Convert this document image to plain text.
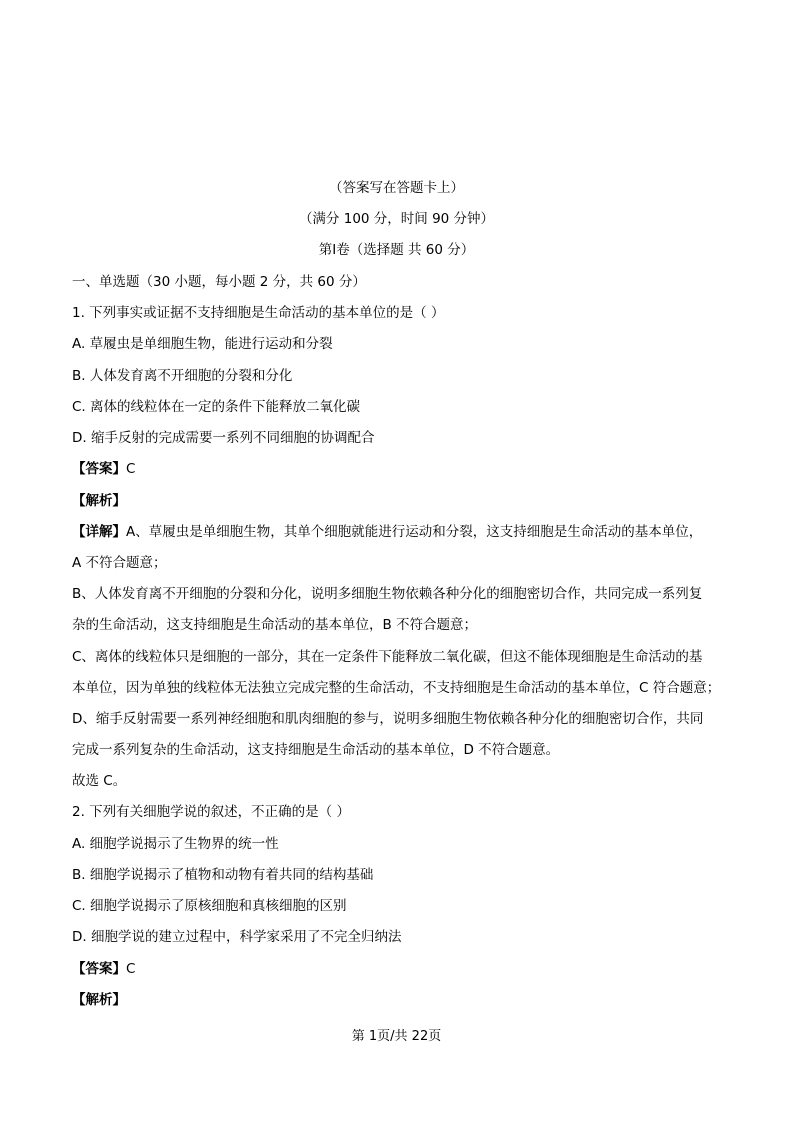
（答案写在答题卡上）
（满分 100 分，时间 90 分钟）
第Ⅰ卷（选择题 共 60 分）
一、单选题（30 小题，每小题 2 分，共 60 分）
1. 下列事实或证据不支持细胞是生命活动的基本单位的是（ ）
A. 草履虫是单细胞生物，能进行运动和分裂
B. 人体发育离不开细胞的分裂和分化
C. 离体的线粒体在一定的条件下能释放二氧化碳
D. 缩手反射的完成需要一系列不同细胞的协调配合
【答案】C
【解析】
【详解】A、草履虫是单细胞生物，其单个细胞就能进行运动和分裂，这支持细胞是生命活动的基本单位，
A 不符合题意；
B、人体发育离不开细胞的分裂和分化，说明多细胞生物依赖各种分化的细胞密切合作，共同完成一系列复
杂的生命活动，这支持细胞是生命活动的基本单位，B 不符合题意；
C、离体的线粒体只是细胞的一部分，其在一定条件下能释放二氧化碳，但这不能体现细胞是生命活动的基
本单位，因为单独的线粒体无法独立完成完整的生命活动，不支持细胞是生命活动的基本单位，C 符合题意；
D、缩手反射需要一系列神经细胞和肌肉细胞的参与，说明多细胞生物依赖各种分化的细胞密切合作，共同
完成一系列复杂的生命活动，这支持细胞是生命活动的基本单位，D 不符合题意。
故选 C。
2. 下列有关细胞学说的叙述，不正确的是（ ）
A. 细胞学说揭示了生物界的统一性
B. 细胞学说揭示了植物和动物有着共同的结构基础
C. 细胞学说揭示了原核细胞和真核细胞的区别
D. 细胞学说的建立过程中，科学家采用了不完全归纳法
【答案】C
【解析】
第 1页/共 22页
